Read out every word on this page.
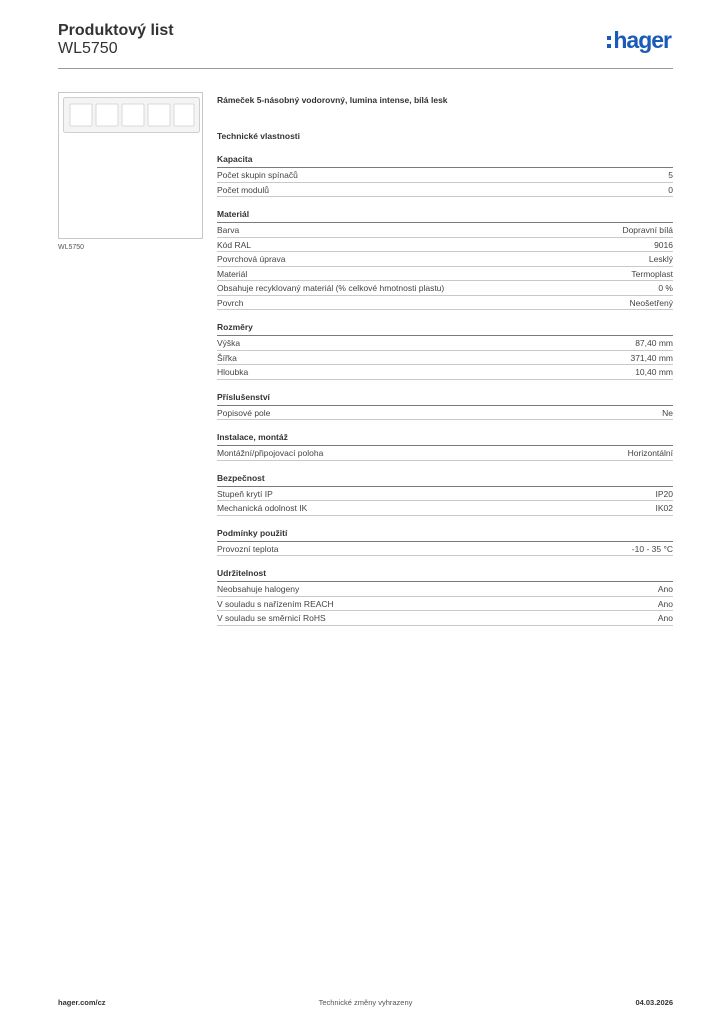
Produktový list
WL5750	hager
WL5750
Rámeček 5-násobný vodorovný, lumina intense, bílá lesk
Technické vlastnosti
Kapacita
Počet skupin spínačů	5
Počet modulů	0
Materiál
Barva	Dopravní bílá
Kód RAL	9016
Povrchová úprava	Lesklý
Materiál	Termoplast
Obsahuje recyklovaný materiál (% celkové hmotnosti plastu)	0 %
Povrch	Neošetřený
Rozměry
Výška	87,40 mm
Šířka	371,40 mm
Hloubka	10,40 mm
Příslušenství
Popisové pole	Ne
Instalace, montáž
Montážní/připojovací poloha	Horizontální
Bezpečnost
Stupeň krytí IP	IP20
Mechanická odolnost IK	IK02
Podmínky použití
Provozní teplota	-10 - 35 °C
Udržitelnost
Neobsahuje halogeny	Ano
V souladu s nařízením REACH	Ano
V souladu se směrnicí RoHS	Ano
hager.com/cz	Technické změny vyhrazeny	04.03.2026
